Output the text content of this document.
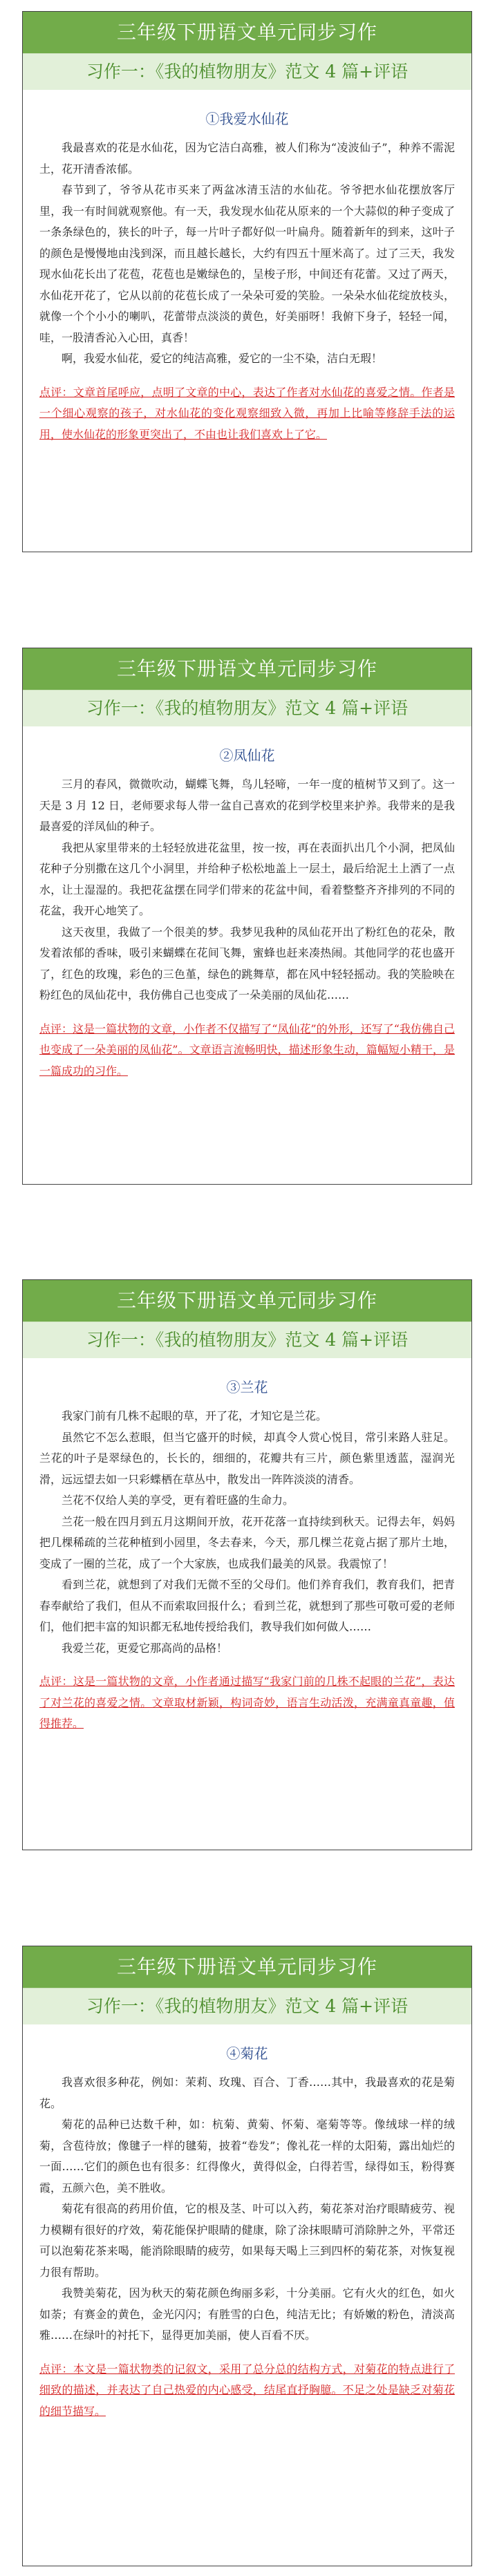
三年级下册语文单元同步习作
习作一：《我的植物朋友》范文 4 篇+评语
①我爱水仙花

我最喜欢的花是水仙花，因为它洁白高雅，被人们称为“凌波仙子”，种养不需泥土，花开清香浓郁。

春节到了，爷爷从花市买来了两盆冰清玉洁的水仙花。爷爷把水仙花摆放客厅里，我一有时间就观察他。有一天，我发现水仙花从原来的一个大蒜似的种子变成了一条条绿色的，狭长的叶子，每一片叶子都好似一叶扁舟。随着新年的到来，这叶子的颜色是慢慢地由浅到深，而且越长越长，大约有四五十厘米高了。过了三天，我发现水仙花长出了花苞，花苞也是嫩绿色的，呈梭子形，中间还有花蕾。又过了两天，水仙花开花了，它从以前的花苞长成了一朵朵可爱的笑脸。一朵朵水仙花绽放枝头，就像一个个小小的喇叭，花蕾带点淡淡的黄色，好美丽呀！我俯下身子，轻轻一闻，哇，一股清香沁入心田，真香！

啊，我爱水仙花，爱它的纯洁高雅，爱它的一尘不染，洁白无瑕！

点评：文章首尾呼应，点明了文章的中心，表达了作者对水仙花的喜爱之情。作者是一个细心观察的孩子，对水仙花的变化观察细致入微，再加上比喻等修辞手法的运用，使水仙花的形象更突出了，不由也让我们喜欢上了它。

三年级下册语文单元同步习作
习作一：《我的植物朋友》范文 4 篇+评语
②凤仙花

三月的春风，微微吹动，蝴蝶飞舞，鸟儿轻啼，一年一度的植树节又到了。这一天是 3 月 12 日，老师要求每人带一盆自己喜欢的花到学校里来护养。我带来的是我最喜爱的洋凤仙的种子。

我把从家里带来的土轻轻放进花盆里，按一按，再在表面扒出几个小洞，把凤仙花种子分别撒在这几个小洞里，并给种子松松地盖上一层土，最后给泥土上洒了一点水，让土湿湿的。我把花盆摆在同学们带来的花盆中间，看着整整齐齐排列的不同的花盆，我开心地笑了。

这天夜里，我做了一个很美的梦。我梦见我种的凤仙花开出了粉红色的花朵，散发着浓郁的香味，吸引来蝴蝶在花间飞舞，蜜蜂也赶来凑热闹。其他同学的花也盛开了，红色的玫瑰，彩色的三色堇，绿色的跳舞草，都在风中轻轻摇动。我的笑脸映在粉红色的凤仙花中，我仿佛自己也变成了一朵美丽的凤仙花……

点评：这是一篇状物的文章，小作者不仅描写了“凤仙花”的外形，还写了“我仿佛自己也变成了一朵美丽的凤仙花”。文章语言流畅明快，描述形象生动，篇幅短小精干，是一篇成功的习作。

三年级下册语文单元同步习作
习作一：《我的植物朋友》范文 4 篇+评语
③兰花

我家门前有几株不起眼的草，开了花，才知它是兰花。

虽然它不怎么惹眼，但当它盛开的时候，却真令人赏心悦目，常引来路人驻足。兰花的叶子是翠绿色的，长长的，细细的，花瓣共有三片，颜色紫里透蓝，湿润光滑，远远望去如一只彩蝶栖在草丛中，散发出一阵阵淡淡的清香。

兰花不仅给人美的享受，更有着旺盛的生命力。

兰花一般在四月到五月这期间开放，花开花落一直持续到秋天。记得去年，妈妈把几棵稀疏的兰花种植到小园里，冬去春来，今天，那几棵兰花竟占据了那片土地，变成了一圈的兰花，成了一个大家族，也成我们最美的风景。我震惊了！

看到兰花，就想到了对我们无微不至的父母们。他们养育我们，教育我们，把青春奉献给了我们，但从不而索取回报什么；看到兰花，就想到了那些可敬可爱的老师们，他们把丰富的知识都无私地传授给我们，教导我们如何做人……

我爱兰花，更爱它那高尚的品格！

点评：这是一篇状物的文章，小作者通过描写“我家门前的几株不起眼的兰花”，表达了对兰花的喜爱之情。文章取材新颖，构词奇妙，语言生动活泼，充满童真童趣，值得推荐。

三年级下册语文单元同步习作
习作一：《我的植物朋友》范文 4 篇+评语
④菊花

我喜欢很多种花，例如：茉莉、玫瑰、百合、丁香……其中，我最喜欢的花是菊花。

菊花的品种已达数千种，如：杭菊、黄菊、怀菊、毫菊等等。像绒球一样的绒菊，含苞待放；像毽子一样的毽菊，披着“卷发”；像礼花一样的太阳菊，露出灿烂的一面……它们的颜色也有很多：红得像火，黄得似金，白得若雪，绿得如玉，粉得赛霞，五颜六色，美不胜收。

菊花有很高的药用价值，它的根及茎、叶可以入药，菊花茶对治疗眼睛疲劳、视力模糊有很好的疗效，菊花能保护眼睛的健康，除了涂抹眼睛可消除肿之外，平常还可以泡菊花茶来喝，能消除眼睛的疲劳，如果每天喝上三到四杯的菊花茶，对恢复视力很有帮助。

我赞美菊花，因为秋天的菊花颜色绚丽多彩，十分美丽。它有火火的红色，如火如荼；有赛金的黄色，金光闪闪；有胜雪的白色，纯洁无比；有娇嫩的粉色，清淡高雅……在绿叶的衬托下，显得更加美丽，使人百看不厌。

点评：本文是一篇状物类的记叙文，采用了总分总的结构方式，对菊花的特点进行了细致的描述，并表达了自己热爱的内心感受，结尾直抒胸臆。不足之处是缺乏对菊花的细节描写。
